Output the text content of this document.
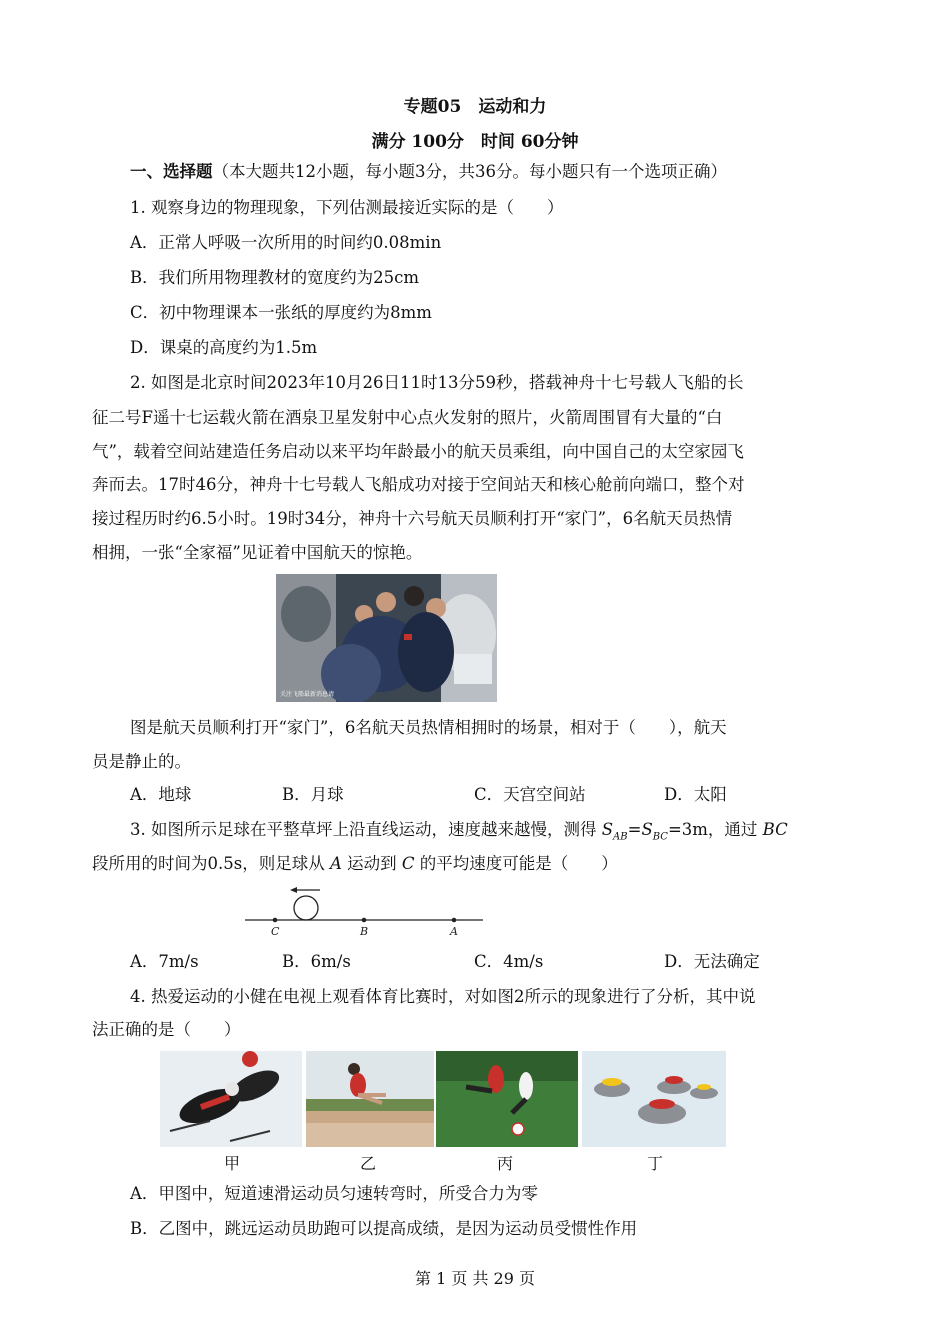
专题05　运动和力
满分 100分　时间 60分钟
一、选择题（本大题共12小题，每小题3分，共36分。每小题只有一个选项正确）
1. 观察身边的物理现象，下列估测最接近实际的是（　　）
A．正常人呼吸一次所用的时间约0.08min
B．我们所用物理教材的宽度约为25cm
C．初中物理课本一张纸的厚度约为8mm
D．课桌的高度约为1.5m
2. 如图是北京时间2023年10月26日11时13分59秒，搭载神舟十七号载人飞船的长
征二号F遥十七运载火箭在酒泉卫星发射中心点火发射的照片，火箭周围冒有大量的“白
气”，载着空间站建造任务启动以来平均年龄最小的航天员乘组，向中国自己的太空家园飞
奔而去。17时46分，神舟十七号载人飞船成功对接于空间站天和核心舱前向端口，整个对
接过程历时约6.5小时。19时34分，神舟十六号航天员顺利打开“家门”，6名航天员热情
相拥，一张“全家福”见证着中国航天的惊艳。
关注飞船最新消息请
图是航天员顺利打开“家门”，6名航天员热情相拥时的场景，相对于（　　），航天
员是静止的。
A．地球	B．月球	C．天宫空间站	D．太阳
3. 如图所示足球在平整草坪上沿直线运动，速度越来越慢，测得 $S_{AB}=S_{BC}=3m$，通过 BC
段所用的时间为0.5s，则足球从 A 运动到 C 的平均速度可能是（　　）
C	B	A
A．7m/s	B．6m/s	C．4m/s	D．无法确定
4. 热爱运动的小健在电视上观看体育比赛时，对如图2所示的现象进行了分析，其中说
法正确的是（　　）
甲	乙	丙	丁
A．甲图中，短道速滑运动员匀速转弯时，所受合力为零
B．乙图中，跳远运动员助跑可以提高成绩，是因为运动员受惯性作用
第 1 页 共 29 页
